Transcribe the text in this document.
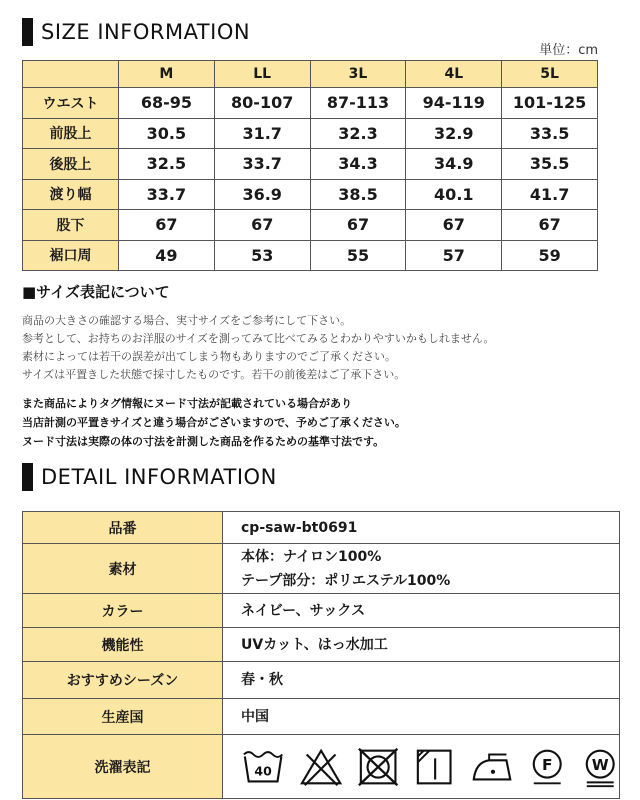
SIZE INFORMATION
単位：cm
	M	LL	3L	4L	5L
ウエスト	68-95	80-107	87-113	94-119	101-125
前股上	30.5	31.7	32.3	32.9	33.5
後股上	32.5	33.7	34.3	34.9	35.5
渡り幅	33.7	36.9	38.5	40.1	41.7
股下	67	67	67	67	67
裾口周	49	53	55	57	59
■サイズ表記について
商品の大きさの確認する場合、実寸サイズをご参考にして下さい。
参考として、お持ちのお洋服のサイズを測ってみて比べてみるとわかりやすいかもしれません。
素材によっては若干の誤差が出てしまう物もありますのでご了承ください。
サイズは平置きした状態で採寸したものです。若干の前後差はご了承下さい。
また商品によりタグ情報にヌード寸法が記載されている場合があり
当店計測の平置きサイズと違う場合がございますので、予めご了承ください。
ヌード寸法は実際の体の寸法を計測した商品を作るための基準寸法です。
DETAIL INFORMATION
品番	cp-saw-bt0691

素材	本体：ナイロン100%
テープ部分：ポリエステル100%

カラー	ネイビー、サックス

機能性	UVカット、はっ水加工

おすすめシーズン	春・秋

生産国	中国

洗濯表記	40 F W
